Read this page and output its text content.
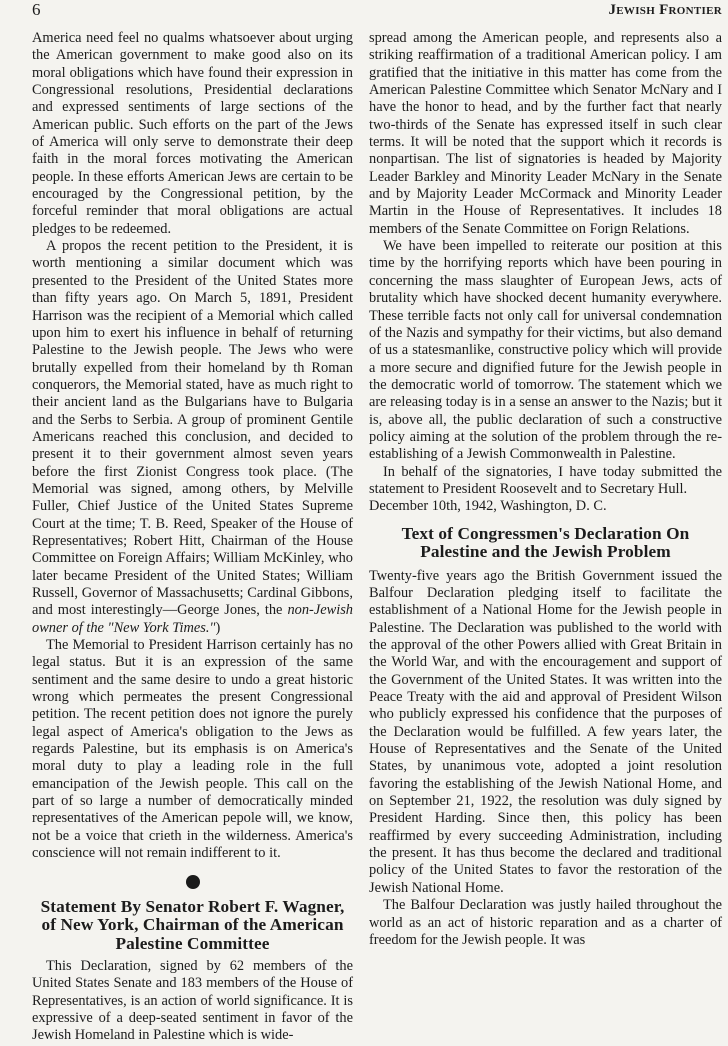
6	Jewish Frontier

America need feel no qualms whatsoever about urging the American government to make good also on its moral obligations which have found their expression in Congressional resolutions, Presidential declarations and expressed sentiments of large sections of the American public. Such efforts on the part of the Jews of America will only serve to demonstrate their deep faith in the moral forces motivating the American people. In these efforts American Jews are certain to be encouraged by the Congressional petition, by the forceful reminder that moral obligations are actual pledges to be redeemed.

A propos the recent petition to the President, it is worth mentioning a similar document which was presented to the President of the United States more than fifty years ago. On March 5, 1891, President Harrison was the recipient of a Memorial which called upon him to exert his influence in behalf of returning Palestine to the Jewish people. The Jews who were brutally expelled from their homeland by th Roman conquerors, the Memorial stated, have as much right to their ancient land as the Bulgarians have to Bulgaria and the Serbs to Serbia. A group of prominent Gentile Americans reached this conclusion, and decided to present it to their government almost seven years before the first Zionist Congress took place. (The Memorial was signed, among others, by Melville Fuller, Chief Justice of the United States Supreme Court at the time; T. B. Reed, Speaker of the House of Representatives; Robert Hitt, Chairman of the House Committee on Foreign Affairs; William McKinley, who later became President of the United States; William Russell, Governor of Massachusetts; Cardinal Gibbons, and most interestingly—George Jones, the non-Jewish owner of the "New York Times.")

The Memorial to President Harrison certainly has no legal status. But it is an expression of the same sentiment and the same desire to undo a great historic wrong which permeates the present Congressional petition. The recent petition does not ignore the purely legal aspect of America's obligation to the Jews as regards Palestine, but its emphasis is on America's moral duty to play a leading role in the full emancipation of the Jewish people. This call on the part of so large a number of democratically minded representatives of the American pepole will, we know, not be a voice that crieth in the wilderness. America's conscience will not remain indifferent to it.

Statement By Senator Robert F. Wagner, of New York, Chairman of the American Palestine Committee

This Declaration, signed by 62 members of the United States Senate and 183 members of the House of Representatives, is an action of world significance. It is expressive of a deep-seated sentiment in favor of the Jewish Homeland in Palestine which is wide-

spread among the American people, and represents also a striking reaffirmation of a traditional American policy. I am gratified that the initiative in this matter has come from the American Palestine Committee which Senator McNary and I have the honor to head, and by the further fact that nearly two-thirds of the Senate has expressed itself in such clear terms. It will be noted that the support which it records is nonpartisan. The list of signatories is headed by Majority Leader Barkley and Minority Leader McNary in the Senate and by Majority Leader McCormack and Minority Leader Martin in the House of Representatives. It includes 18 members of the Senate Committee on Forign Relations.

We have been impelled to reiterate our position at this time by the horrifying reports which have been pouring in concerning the mass slaughter of European Jews, acts of brutality which have shocked decent humanity everywhere. These terrible facts not only call for universal condemnation of the Nazis and sympathy for their victims, but also demand of us a statesmanlike, constructive policy which will provide a more secure and dignified future for the Jewish people in the democratic world of tomorrow. The statement which we are releasing today is in a sense an answer to the Nazis; but it is, above all, the public declaration of such a constructive policy aiming at the solution of the problem through the re-establishing of a Jewish Commonwealth in Palestine.

In behalf of the signatories, I have today submitted the statement to President Roosevelt and to Secretary Hull.

December 10th, 1942, Washington, D. C.

Text of Congressmen's Declaration On Palestine and the Jewish Problem

Twenty-five years ago the British Government issued the Balfour Declaration pledging itself to facilitate the establishment of a National Home for the Jewish people in Palestine. The Declaration was published to the world with the approval of the other Powers allied with Great Britain in the World War, and with the encouragement and support of the Government of the United States. It was written into the Peace Treaty with the aid and approval of President Wilson who publicly expressed his confidence that the purposes of the Declaration would be fulfilled. A few years later, the House of Representatives and the Senate of the United States, by unanimous vote, adopted a joint resolution favoring the establishing of the Jewish National Home, and on September 21, 1922, the resolution was duly signed by President Harding. Since then, this policy has been reaffirmed by every succeeding Administration, including the present. It has thus become the declared and traditional policy of the United States to favor the restoration of the Jewish National Home.

The Balfour Declaration was justly hailed throughout the world as an act of historic reparation and as a charter of freedom for the Jewish people. It was
